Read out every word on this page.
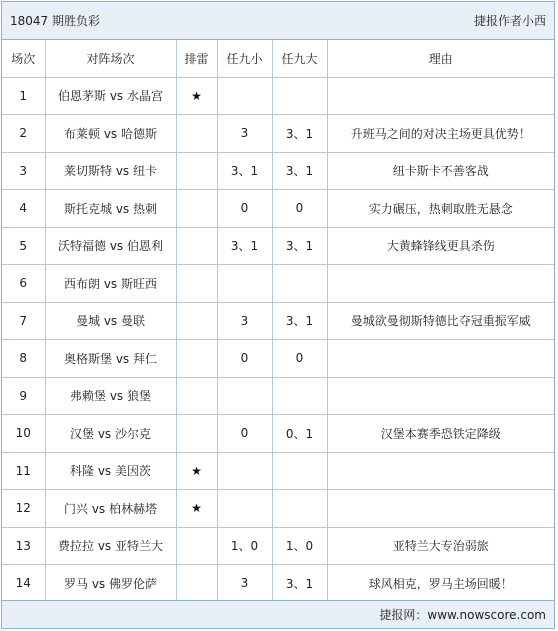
18047 期胜负彩	捷报作者小西
场次	对阵场次	排雷	任九小	任九大	理由
1	伯恩茅斯 vs 水晶宫	★			
2	布莱顿 vs 哈德斯		3	3、1	升班马之间的对决主场更具优势！
3	莱切斯特 vs 纽卡		3、1	3、1	纽卡斯卡不善客战
4	斯托克城 vs 热刺		0	0	实力碾压，热刺取胜无悬念
5	沃特福德 vs 伯恩利		3、1	3、1	大黄蜂锋线更具杀伤
6	西布朗 vs 斯旺西				
7	曼城 vs 曼联		3	3、1	曼城欲曼彻斯特德比夺冠重振军威
8	奥格斯堡 vs 拜仁		0	0	
9	弗赖堡 vs 狼堡				
10	汉堡 vs 沙尔克		0	0、1	汉堡本赛季恐铁定降级
11	科隆 vs 美因茨	★			
12	门兴 vs 柏林赫塔	★			
13	费拉拉 vs 亚特兰大		1、0	1、0	亚特兰大专治弱旅
14	罗马 vs 佛罗伦萨		3	3、1	球风相克，罗马主场回暖！
捷报网：www.nowscore.com
